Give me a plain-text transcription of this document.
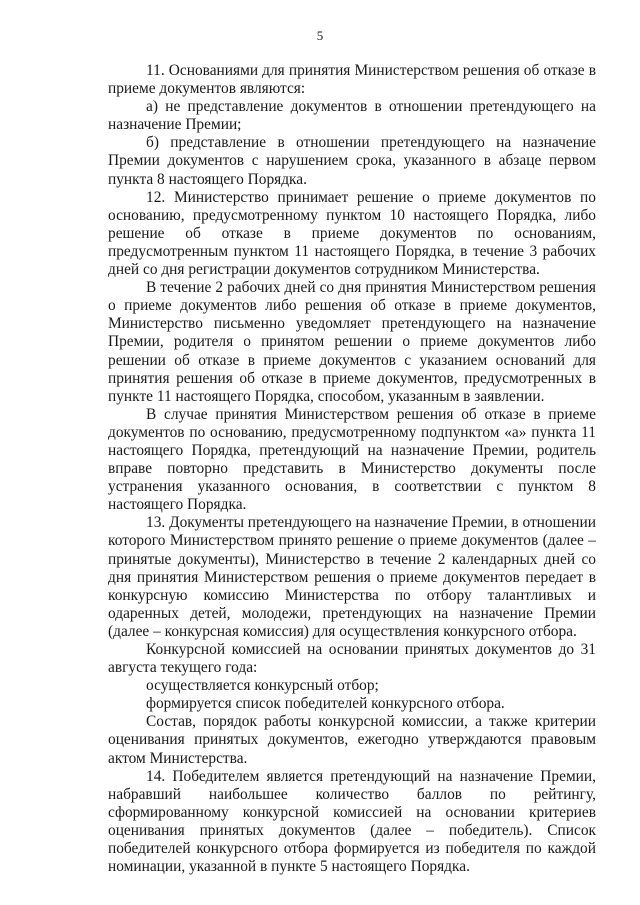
5

11. Основаниями для принятия Министерством решения об отказе в приеме документов являются:

а) не представление документов в отношении претендующего на назначение Премии;

б) представление в отношении претендующего на назначение Премии документов с нарушением срока, указанного в абзаце первом пункта 8 настоящего Порядка.

12. Министерство принимает решение о приеме документов по основанию, предусмотренному пунктом 10 настоящего Порядка, либо решение об отказе в приеме документов по основаниям, предусмотренным пунктом 11 настоящего Порядка, в течение 3 рабочих дней со дня регистрации документов сотрудником Министерства.

В течение 2 рабочих дней со дня принятия Министерством решения о приеме документов либо решения об отказе в приеме документов, Министерство письменно уведомляет претендующего на назначение Премии, родителя о принятом решении о приеме документов либо решении об отказе в приеме документов с указанием оснований для принятия решения об отказе в приеме документов, предусмотренных в пункте 11 настоящего Порядка, способом, указанным в заявлении.

В случае принятия Министерством решения об отказе в приеме документов по основанию, предусмотренному подпунктом «а» пункта 11 настоящего Порядка, претендующий на назначение Премии, родитель вправе повторно представить в Министерство документы после устранения указанного основания, в соответствии с пунктом 8 настоящего Порядка.

13. Документы претендующего на назначение Премии, в отношении которого Министерством принято решение о приеме документов (далее – принятые документы), Министерство в течение 2 календарных дней со дня принятия Министерством решения о приеме документов передает в конкурсную комиссию Министерства по отбору талантливых и одаренных детей, молодежи, претендующих на назначение Премии (далее – конкурсная комиссия) для осуществления конкурсного отбора.

Конкурсной комиссией на основании принятых документов до 31 августа текущего года:

осуществляется конкурсный отбор;

формируется список победителей конкурсного отбора.

Состав, порядок работы конкурсной комиссии, а также критерии оценивания принятых документов, ежегодно утверждаются правовым актом Министерства.

14. Победителем является претендующий на назначение Премии, набравший наибольшее количество баллов по рейтингу, сформированному конкурсной комиссией на основании критериев оценивания принятых документов (далее – победитель). Список победителей конкурсного отбора формируется из победителя по каждой номинации, указанной в пункте 5 настоящего Порядка.
